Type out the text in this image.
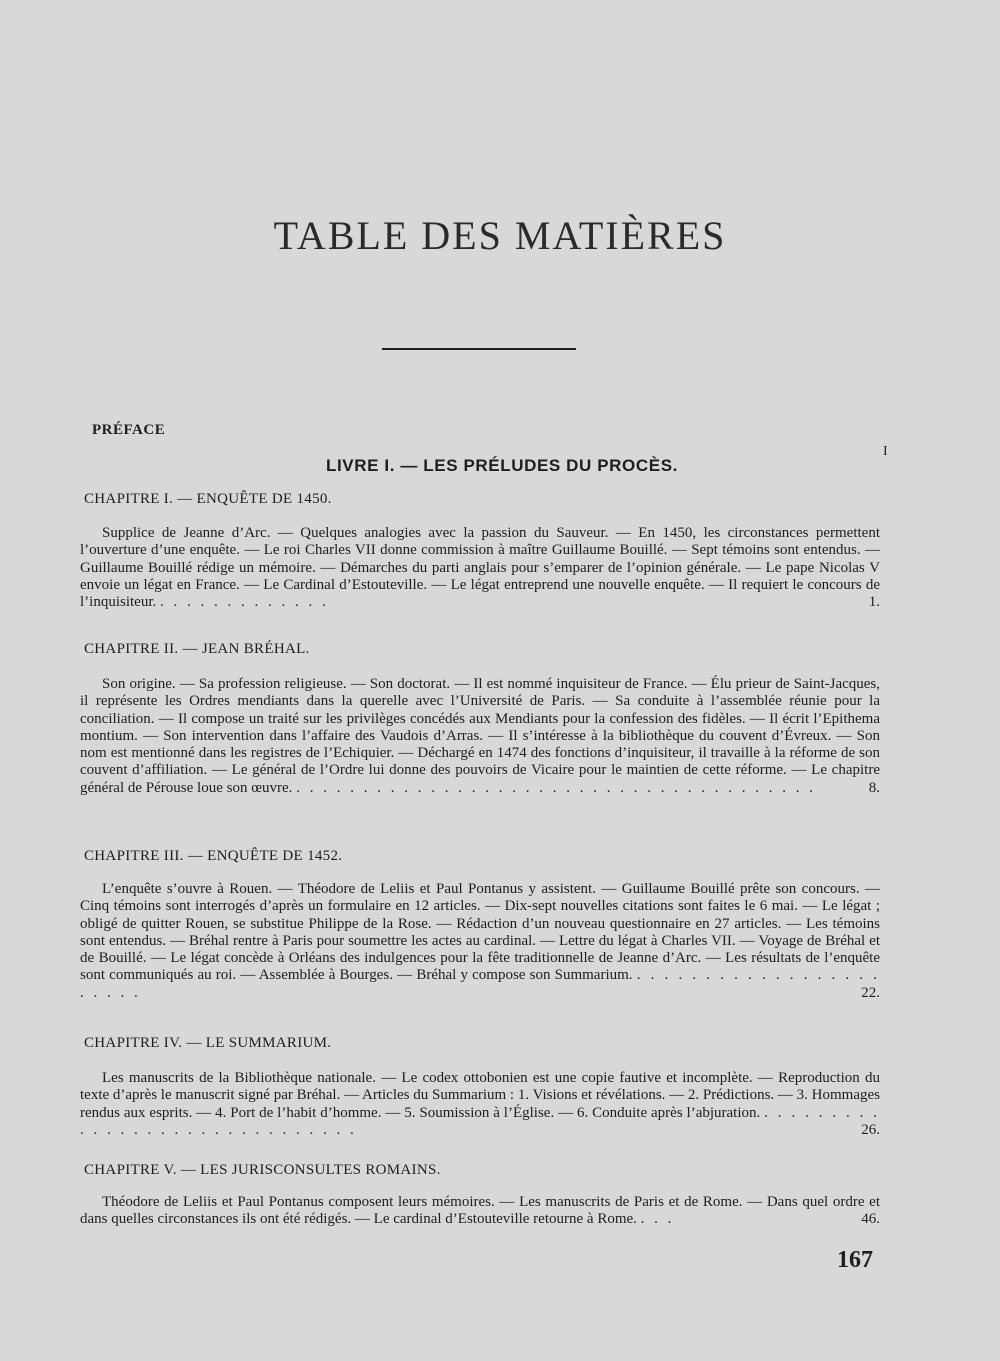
TABLE DES MATIÈRES
PRÉFACE
I
LIVRE I. — LES PRÉLUDES DU PROCÈS.
CHAPITRE I. — ENQUÊTE DE 1450.
Supplice de Jeanne d’Arc. — Quelques analogies avec la passion du Sauveur. — En 1450, les circonstances permettent l’ouverture d’une enquête. — Le roi Charles VII donne commission à maître Guillaume Bouillé. — Sept témoins sont entendus. — Guillaume Bouillé rédige un mémoire. — Démarches du parti anglais pour s’emparer de l’opinion générale. — Le pape Nicolas V envoie un légat en France. — Le Cardinal d’Estouteville. — Le légat entreprend une nouvelle enquête. — Il requiert le concours de l’inquisiteur. . . . . . . . . . . . . .	1.
CHAPITRE II. — JEAN BRÉHAL.
Son origine. — Sa profession religieuse. — Son doctorat. — Il est nommé inquisiteur de France. — Élu prieur de Saint-Jacques, il représente les Ordres mendiants dans la querelle avec l’Université de Paris. — Sa conduite à l’assemblée réunie pour la conciliation. — Il compose un traité sur les privilèges concédés aux Mendiants pour la confession des fidèles. — Il écrit l’Epithema montium. — Son intervention dans l’affaire des Vaudois d’Arras. — Il s’intéresse à la bibliothèque du couvent d’Évreux. — Son nom est mentionné dans les registres de l’Echiquier. — Déchargé en 1474 des fonctions d’inquisiteur, il travaille à la réforme de son couvent d’affiliation. — Le général de l’Ordre lui donne des pouvoirs de Vicaire pour le maintien de cette réforme. — Le chapitre général de Pérouse loue son œuvre. . . . . . . . . . . . . . . . . . . . . . . . . . . . . . . . . . . . . . . .	8.
CHAPITRE III. — ENQUÊTE DE 1452.
L’enquête s’ouvre à Rouen. — Théodore de Leliis et Paul Pontanus y assistent. — Guillaume Bouillé prête son concours. — Cinq témoins sont interrogés d’après un formulaire en 12 articles. — Dix-sept nouvelles citations sont faites le 6 mai. — Le légat ; obligé de quitter Rouen, se substitue Philippe de la Rose. — Rédaction d’un nouveau questionnaire en 27 articles. — Les témoins sont entendus. — Bréhal rentre à Paris pour soumettre les actes au cardinal. — Lettre du légat à Charles VII. — Voyage de Bréhal et de Bouillé. — Le légat concède à Orléans des indulgences pour la fête traditionnelle de Jeanne d’Arc. — Les résultats de l’enquête sont communiqués au roi. — Assemblée à Bourges. — Bréhal y compose son Summarium. . . . . . . . . . . . . . . . . . . . . . . .	22.
CHAPITRE IV. — LE SUMMARIUM.
Les manuscrits de la Bibliothèque nationale. — Le codex ottobonien est une copie fautive et incomplète. — Reproduction du texte d’après le manuscrit signé par Bréhal. — Articles du Summarium : 1. Visions et révélations. — 2. Prédictions. — 3. Hommages rendus aux esprits. — 4. Port de l’habit d’homme. — 5. Soumission à l’Église. — 6. Conduite après l’abjuration. . . . . . . . . . . . . . . . . . . . . . . . . . . . . . .	26.
CHAPITRE V. — LES JURISCONSULTES ROMAINS.
Théodore de Leliis et Paul Pontanus composent leurs mémoires. — Les manuscrits de Paris et de Rome. — Dans quel ordre et dans quelles circonstances ils ont été rédigés. — Le cardinal d’Estouteville retourne à Rome. . . .	46.
167
